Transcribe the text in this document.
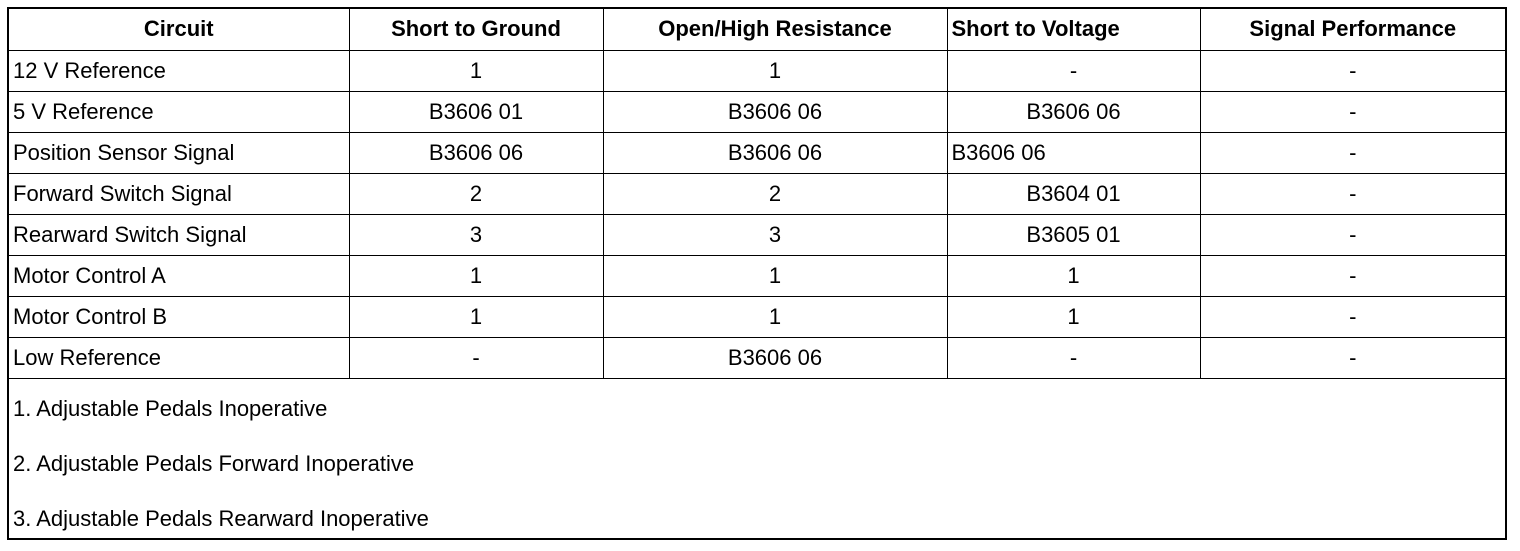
Circuit	Short to Ground	Open/High Resistance	Short to Voltage	Signal Performance
12 V Reference	1	1	-	-
5 V Reference	B3606 01	B3606 06	B3606 06	-
Position Sensor Signal	B3606 06	B3606 06	B3606 06	-
Forward Switch Signal	2	2	B3604 01	-
Rearward Switch Signal	3	3	B3605 01	-
Motor Control A	1	1	1	-
Motor Control B	1	1	1	-
Low Reference	-	B3606 06	-	-
1. Adjustable Pedals Inoperative
2. Adjustable Pedals Forward Inoperative
3. Adjustable Pedals Rearward Inoperative
